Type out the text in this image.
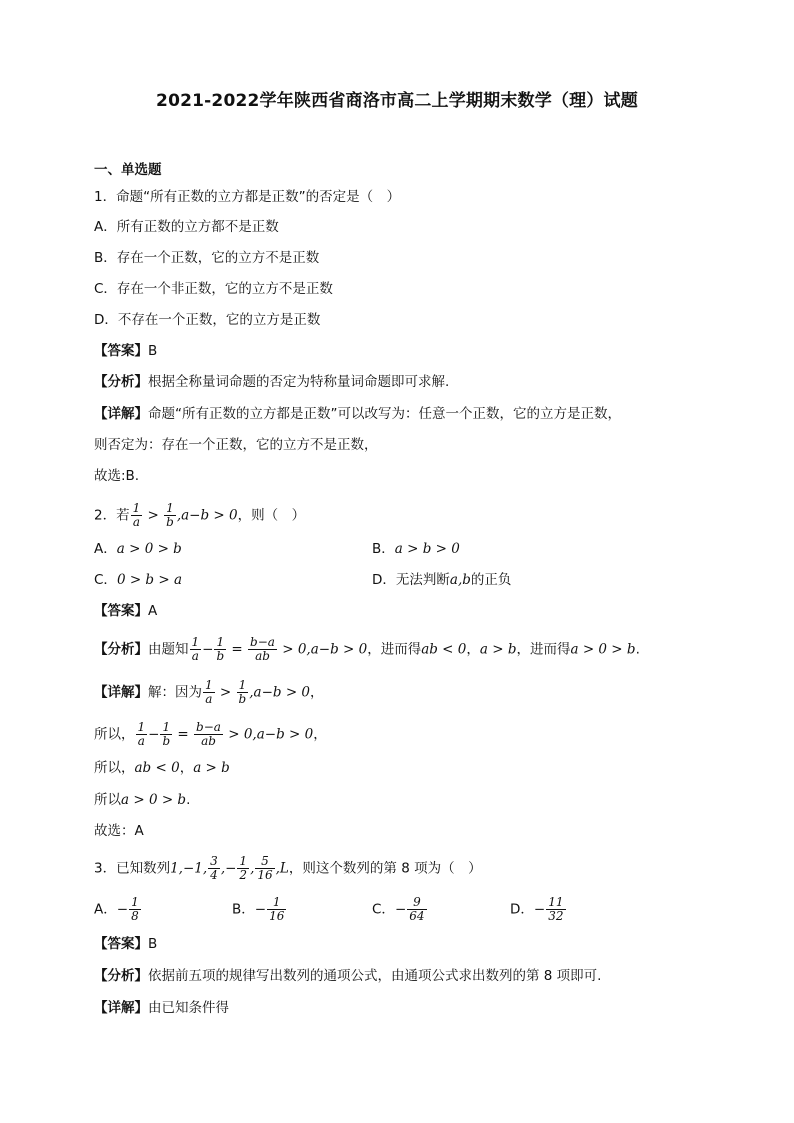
2021-2022学年陕西省商洛市高二上学期期末数学（理）试题
一、单选题
1．命题“所有正数的立方都是正数”的否定是（　）
A．所有正数的立方都不是正数
B．存在一个正数，它的立方不是正数
C．存在一个非正数，它的立方不是正数
D．不存在一个正数，它的立方是正数
【答案】B
【分析】根据全称量词命题的否定为特称量词命题即可求解.
【详解】命题“所有正数的立方都是正数”可以改写为：任意一个正数，它的立方是正数，
则否定为：存在一个正数，它的立方不是正数，
故选:B.
2．若 $\frac{1}{a} > \frac{1}{b} ,a-b > 0$，则（　）
A．a > 0 > b	B．a > b > 0
C．0 > b > a	D．无法判断a,b的正负
【答案】A
【分析】由题知 $\frac{1}{a} - \frac{1}{b} = \frac{b-a}{ab} > 0,a-b > 0$，进而得ab < 0，a > b，进而得a > 0 > b.
【详解】解：因为 $\frac{1}{a} > \frac{1}{b} ,a-b > 0$，
所以， $\frac{1}{a} - \frac{1}{b} = \frac{b-a}{ab} > 0,a-b > 0$，
所以，ab < 0，a > b
所以a > 0 > b.
故选：A
3．已知数列1,−1, $\frac{3}{4}$ ,− $\frac{1}{2}$ , $\frac{5}{16} ,L$，则这个数列的第 8 项为（　）
A．− $\frac{1}{8}$	B．− $\frac{1}{16}$	C．− $\frac{9}{64}$	D．− $\frac{11}{32}$
【答案】B
【分析】依据前五项的规律写出数列的通项公式，由通项公式求出数列的第 8 项即可.
【详解】由已知条件得
